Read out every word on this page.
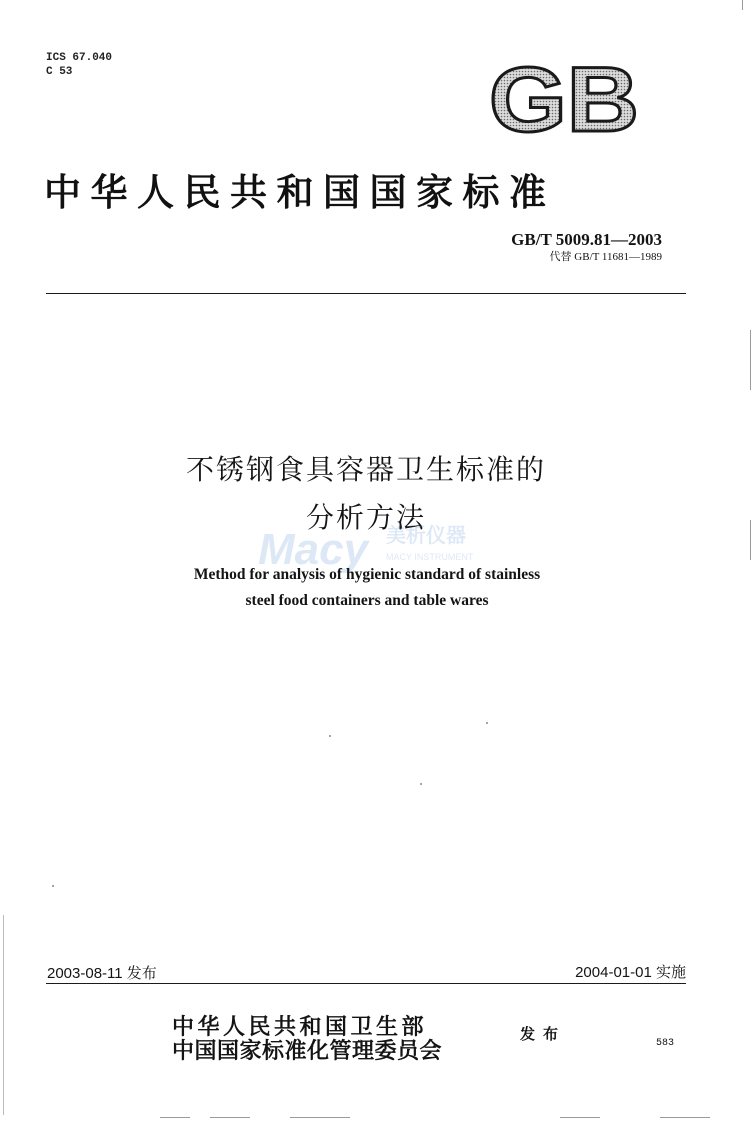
ICS 67.040
C 53	GB
中华人民共和国国家标准
GB/T 5009.81—2003
代替 GB/T 11681—1989
不锈钢食具容器卫生标准的
分析方法
Macy 美析仪器
MACY INSTRUMENT
Method for analysis of hygienic standard of stainless
steel food containers and table wares
2003-08-11 发布	2004-01-01 实施
中华人民共和国卫生部
中国国家标准化管理委员会
发布
583
